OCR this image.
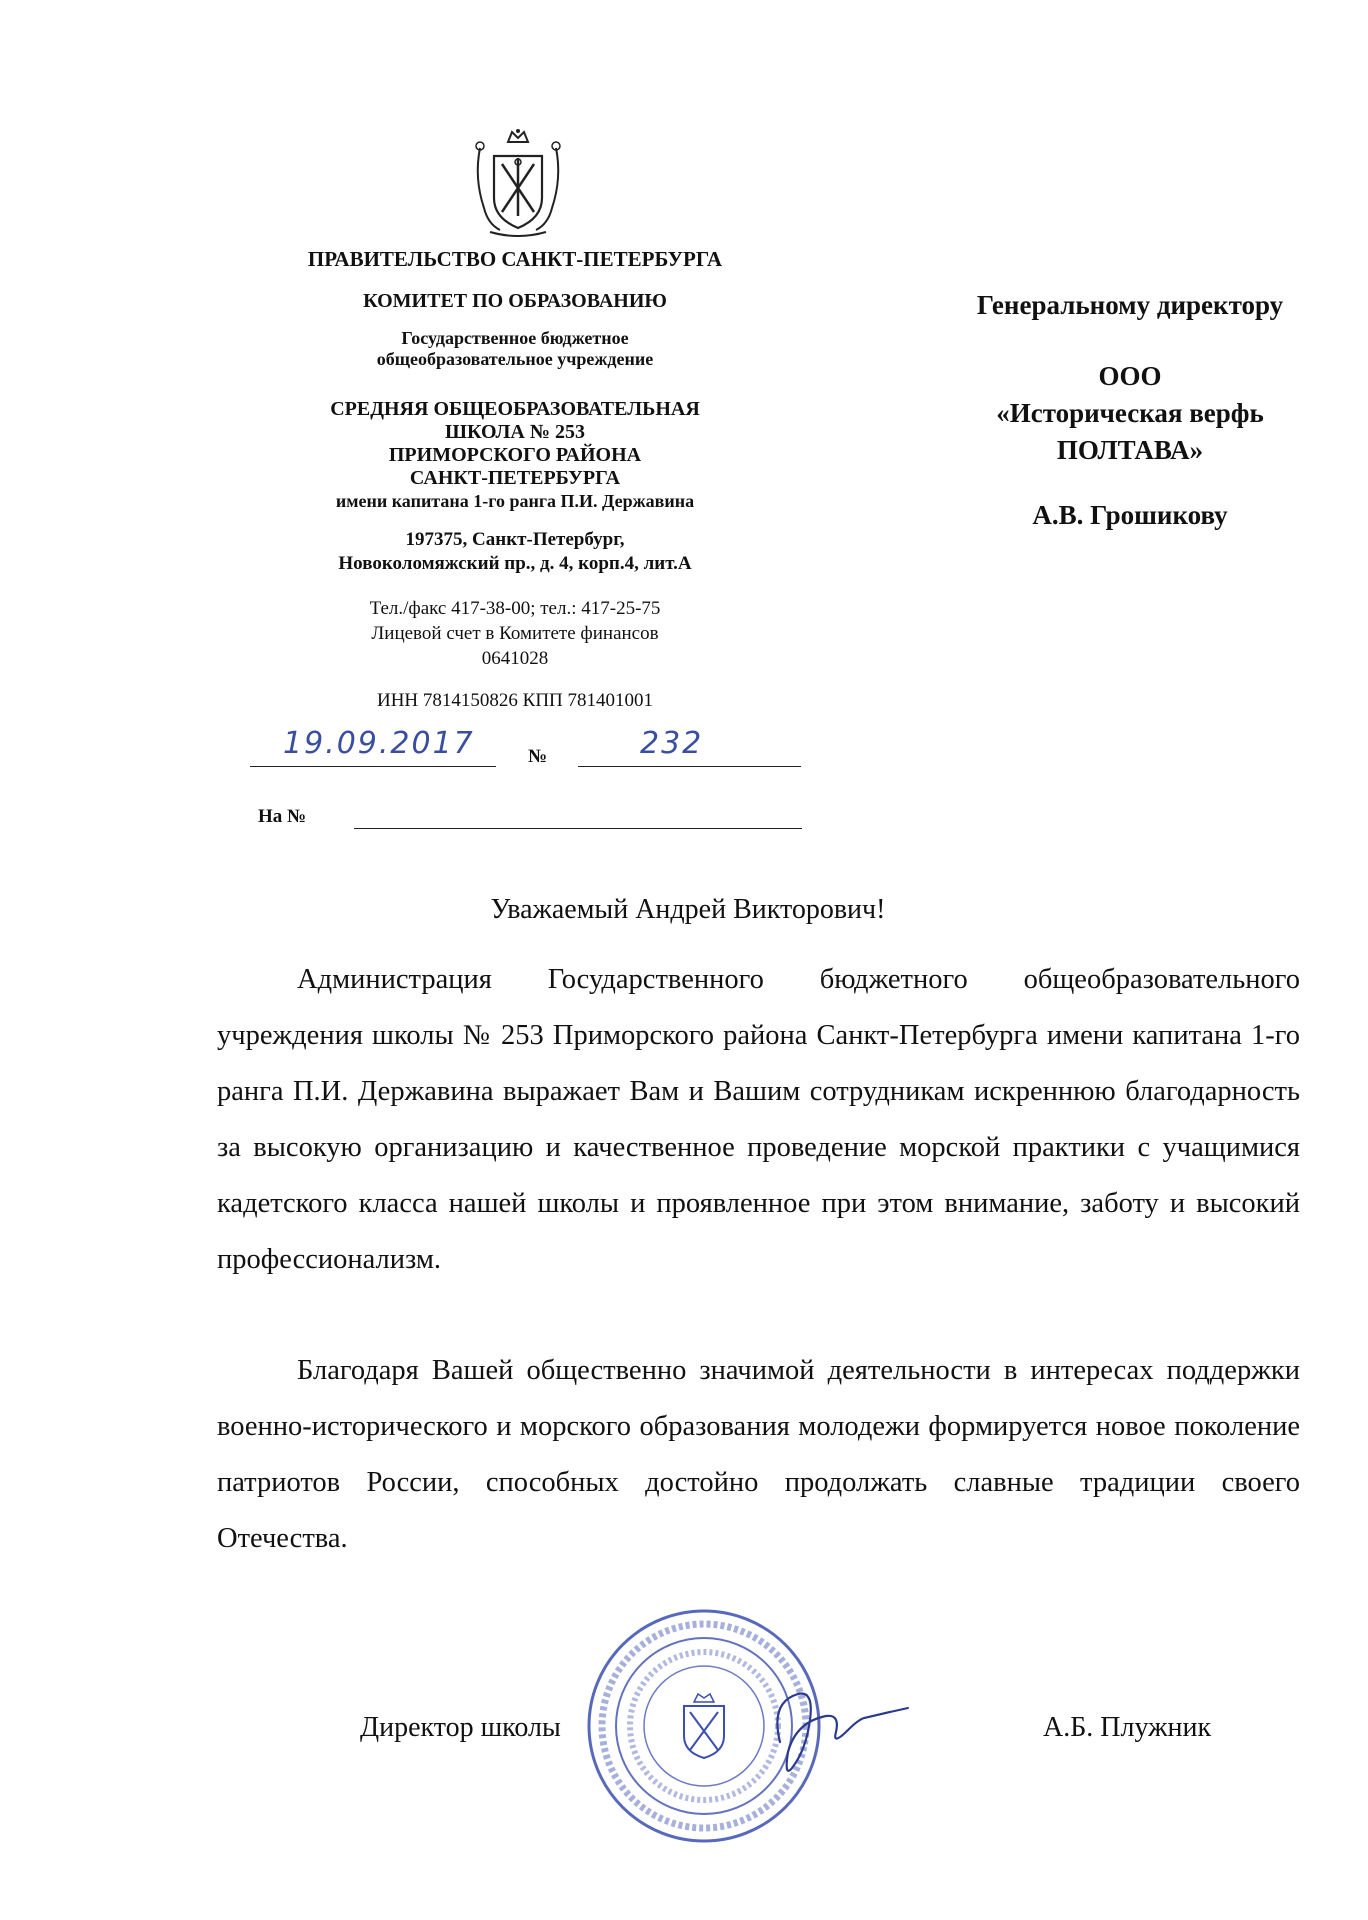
ПРАВИТЕЛЬСТВО САНКТ-ПЕТЕРБУРГА
КОМИТЕТ ПО ОБРАЗОВАНИЮ
Государственное бюджетное
общеобразовательное учреждение
СРЕДНЯЯ ОБЩЕОБРАЗОВАТЕЛЬНАЯ
ШКОЛА № 253
ПРИМОРСКОГО РАЙОНА
САНКТ-ПЕТЕРБУРГА
имени капитана 1-го ранга П.И. Державина
197375, Санкт-Петербург,
Новоколомяжский пр., д. 4, корп.4, лит.А
Тел./факс 417-38-00; тел.: 417-25-75
Лицевой счет в Комитете финансов
0641028
ИНН 7814150826 КПП 781401001
19.09.2017	№	232
На №
Генеральному директору
ООО
«Историческая верфь
ПОЛТАВА»
А.В. Грошикову
Уважаемый Андрей Викторович!

Администрация Государственного бюджетного общеобразовательного учреждения школы № 253 Приморского района Санкт-Петербурга имени капитана 1-го ранга П.И. Державина выражает Вам и Вашим сотрудникам искреннюю благодарность за высокую организацию и качественное проведение морской практики с учащимися кадетского класса нашей школы и проявленное при этом внимание, заботу и высокий профессионализм.

Благодаря Вашей общественно значимой деятельности в интересах поддержки военно-исторического и морского образования молодежи формируется новое поколение патриотов России, способных достойно продолжать славные традиции своего Отечества.

Директор школы	А.Б. Плужник
